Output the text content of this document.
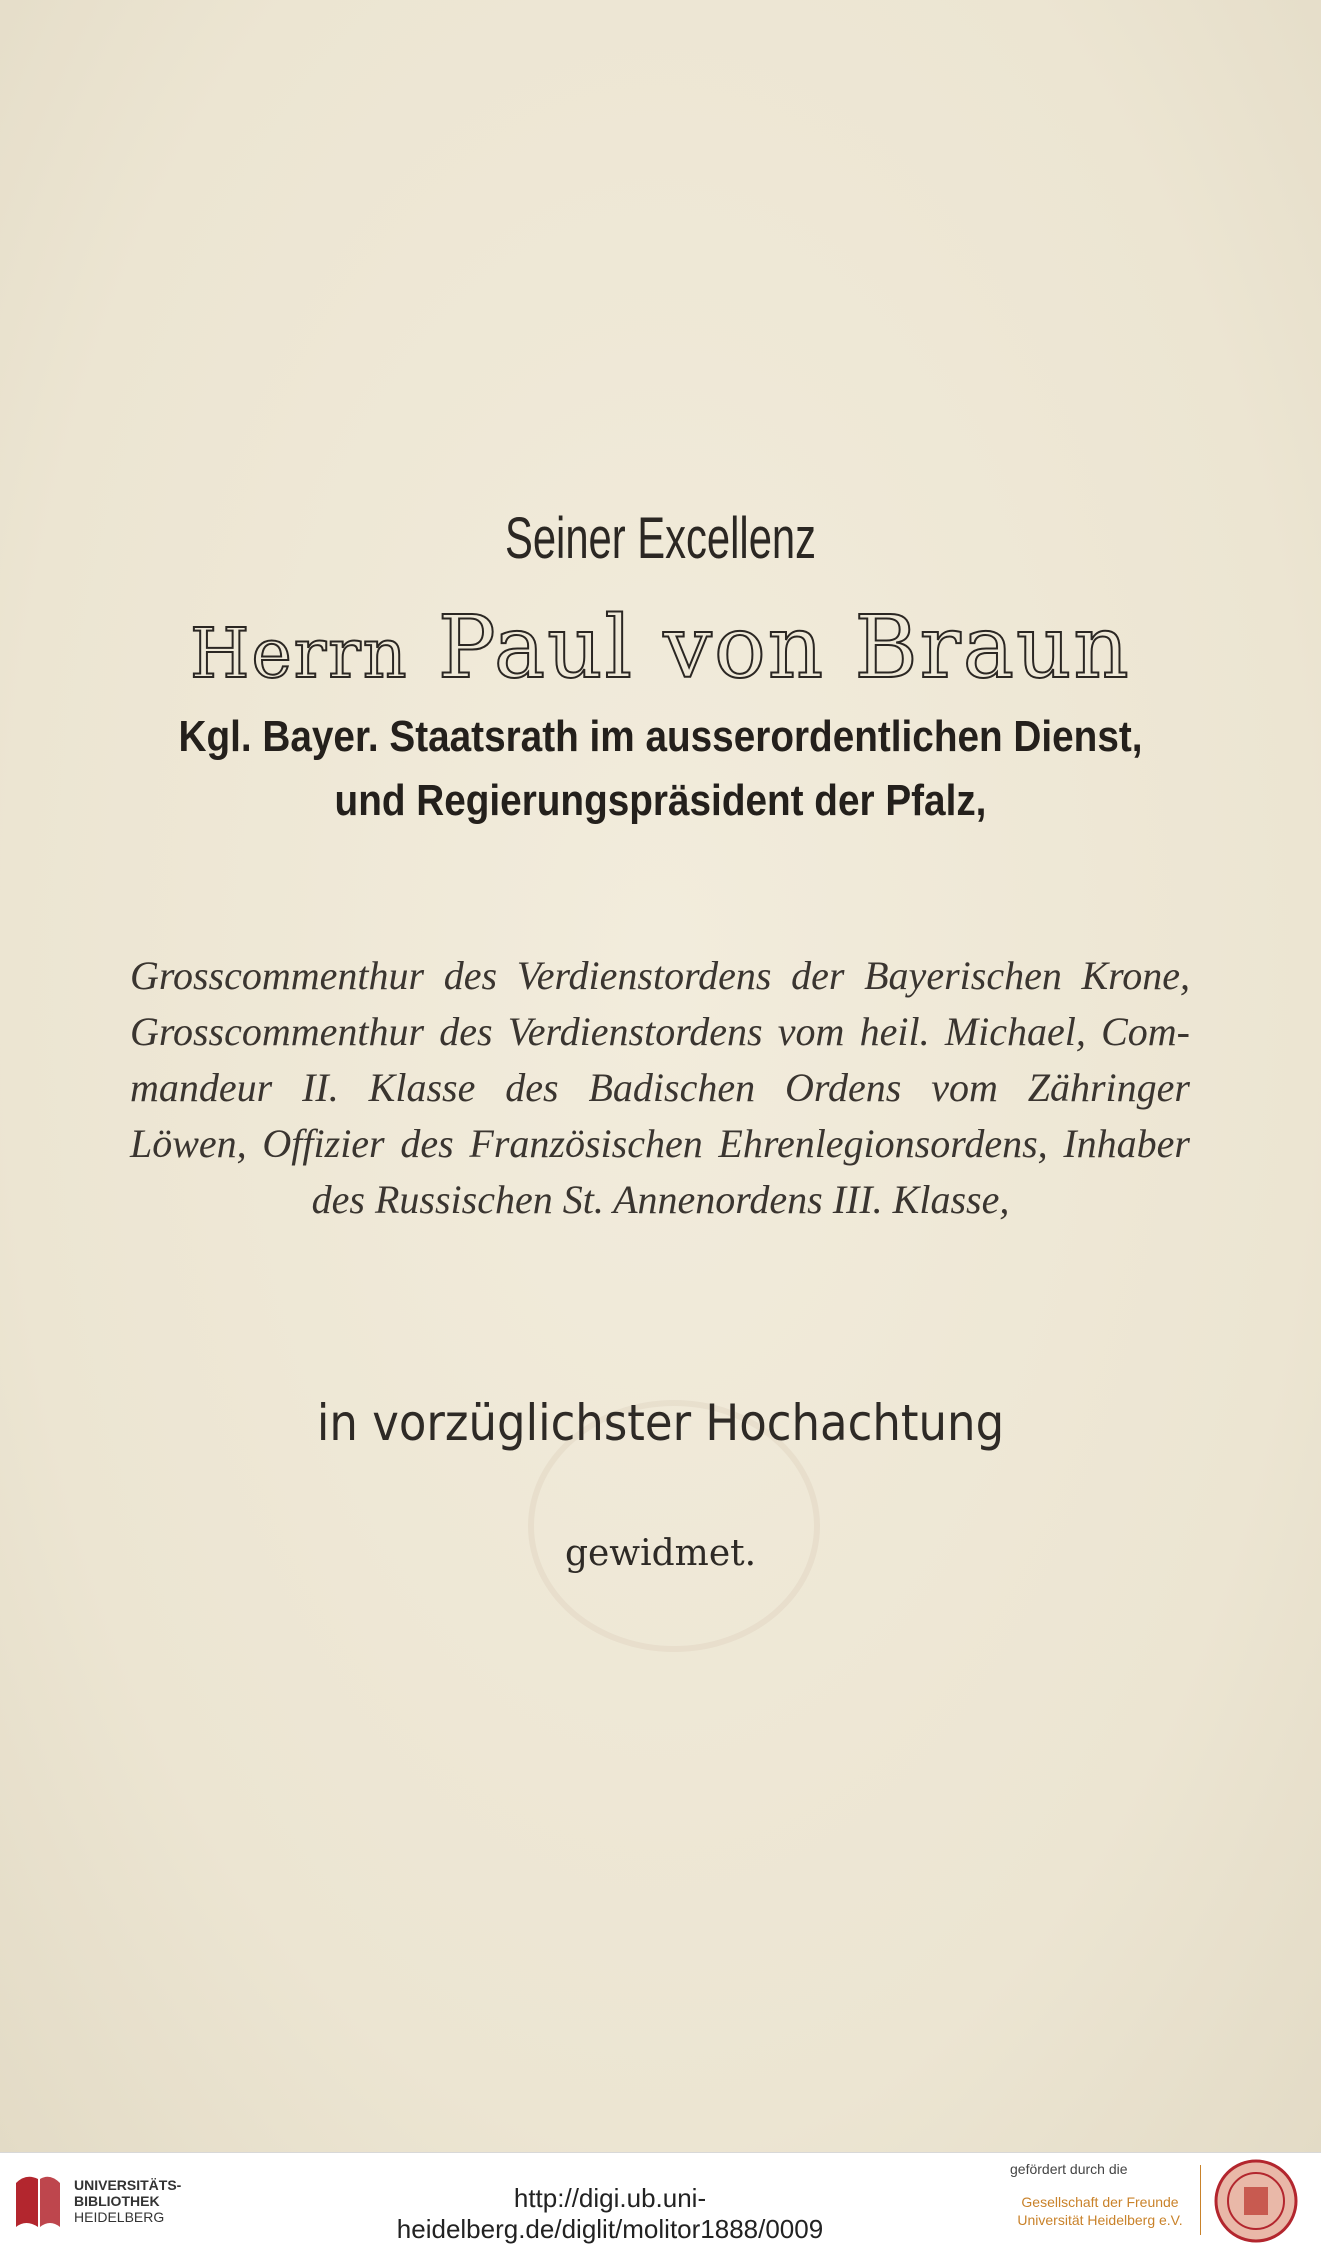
Seiner Excellenz
Herrn Paul von Braun
Kgl. Bayer. Staatsrath im ausserordentlichen Dienst,
und Regierungspräsident der Pfalz,
Grosscommenthur des Verdienstordens der Bayerischen Krone,
Grosscommenthur des Verdienstordens vom heil. Michael, Com-
mandeur II. Klasse des Badischen Ordens vom Zähringer
Löwen, Offizier des Französischen Ehrenlegionsordens, Inhaber
des Russischen St. Annenordens III. Klasse,
in vorzüglichster Hochachtung
gewidmet.
UNIVERSITÄTS-
BIBLIOTHEK
HEIDELBERG
http://digi.ub.uni-heidelberg.de/diglit/molitor1888/0009
gefördert durch die
Gesellschaft der Freunde
Universität Heidelberg e.V.
